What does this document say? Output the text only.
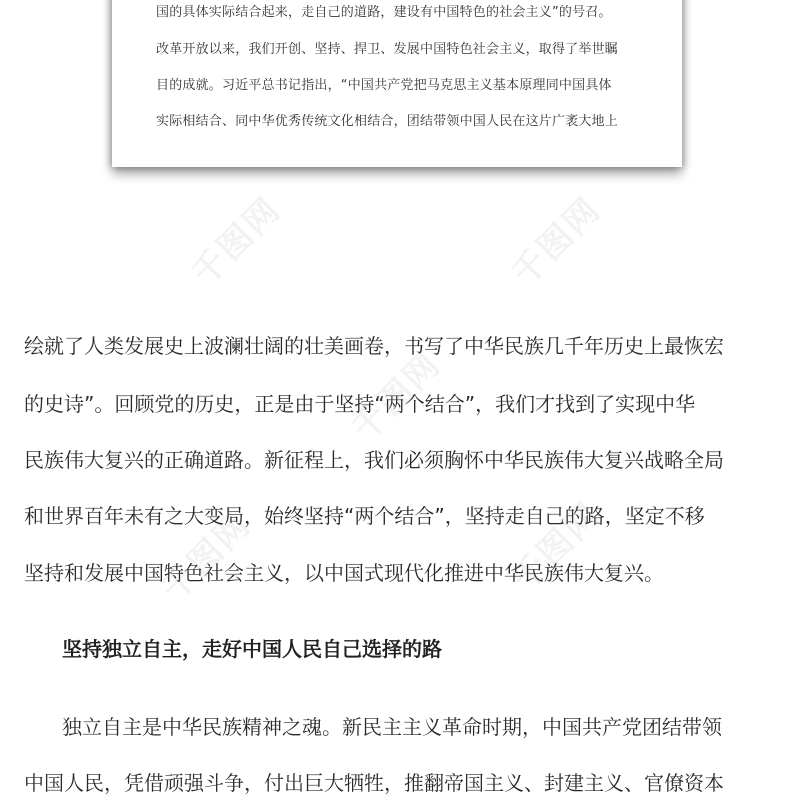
国的具体实际结合起来，走自己的道路，建设有中国特色的社会主义”的号召。
改革开放以来，我们开创、坚持、捍卫、发展中国特色社会主义，取得了举世瞩
目的成就。习近平总书记指出，“中国共产党把马克思主义基本原理同中国具体
实际相结合、同中华优秀传统文化相结合，团结带领中国人民在这片广袤大地上
绘就了人类发展史上波澜壮阔的壮美画卷，书写了中华民族几千年历史上最恢宏
的史诗”。回顾党的历史，正是由于坚持“两个结合”，我们才找到了实现中华
民族伟大复兴的正确道路。新征程上，我们必须胸怀中华民族伟大复兴战略全局
和世界百年未有之大变局，始终坚持“两个结合”，坚持走自己的路，坚定不移
坚持和发展中国特色社会主义，以中国式现代化推进中华民族伟大复兴。
坚持独立自主，走好中国人民自己选择的路
独立自主是中华民族精神之魂。新民主主义革命时期，中国共产党团结带领
中国人民，凭借顽强斗争，付出巨大牺牲，推翻帝国主义、封建主义、官僚资本
千图网	千图网
千图网
千图网	千图网
